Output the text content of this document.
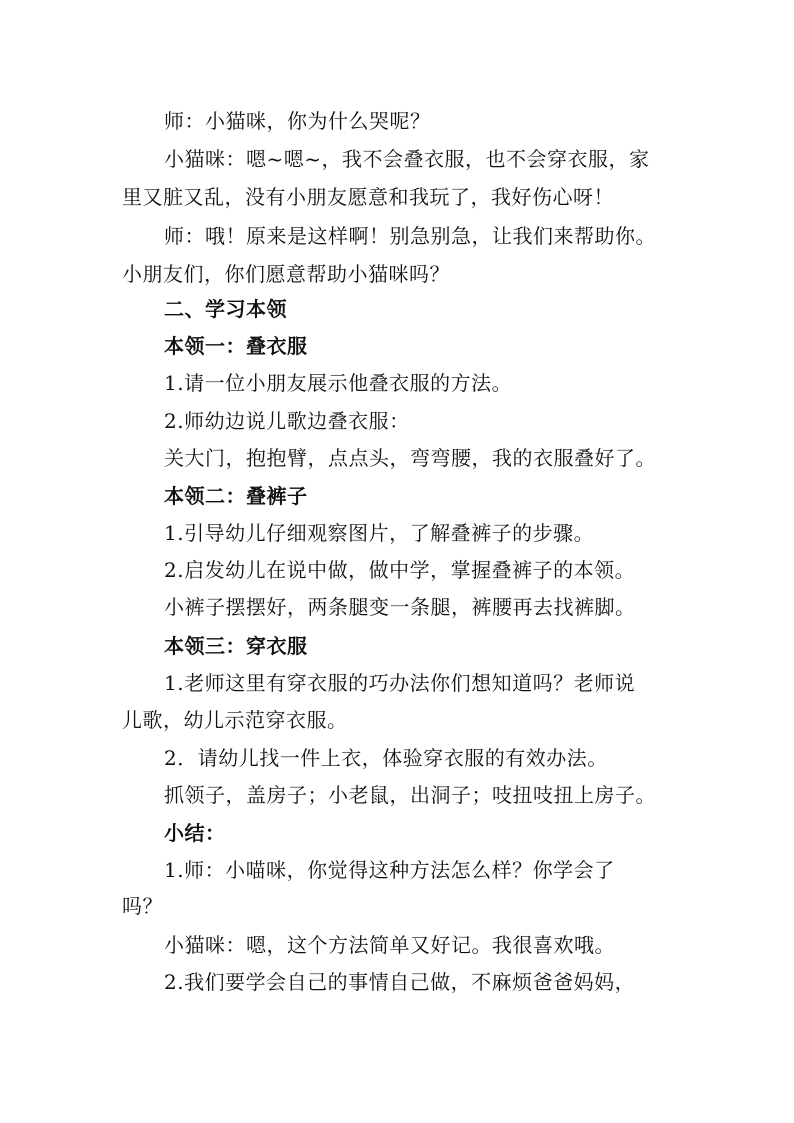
师：小猫咪，你为什么哭呢？
小猫咪：嗯~嗯~，我不会叠衣服，也不会穿衣服，家
里又脏又乱，没有小朋友愿意和我玩了，我好伤心呀！
师：哦！原来是这样啊！别急别急，让我们来帮助你。
小朋友们，你们愿意帮助小猫咪吗？
二、学习本领
本领一：叠衣服
1.请一位小朋友展示他叠衣服的方法。
2.师幼边说儿歌边叠衣服：
关大门，抱抱臂，点点头，弯弯腰，我的衣服叠好了。
本领二：叠裤子
1.引导幼儿仔细观察图片，了解叠裤子的步骤。
2.启发幼儿在说中做，做中学，掌握叠裤子的本领。
小裤子摆摆好，两条腿变一条腿，裤腰再去找裤脚。
本领三：穿衣服
1.老师这里有穿衣服的巧办法你们想知道吗？老师说
儿歌，幼儿示范穿衣服。
2．请幼儿找一件上衣，体验穿衣服的有效办法。
抓领子，盖房子；小老鼠，出洞子；吱扭吱扭上房子。
小结：
1.师：小喵咪，你觉得这种方法怎么样？你学会了
吗？
小猫咪：嗯，这个方法简单又好记。我很喜欢哦。
2.我们要学会自己的事情自己做，不麻烦爸爸妈妈，
